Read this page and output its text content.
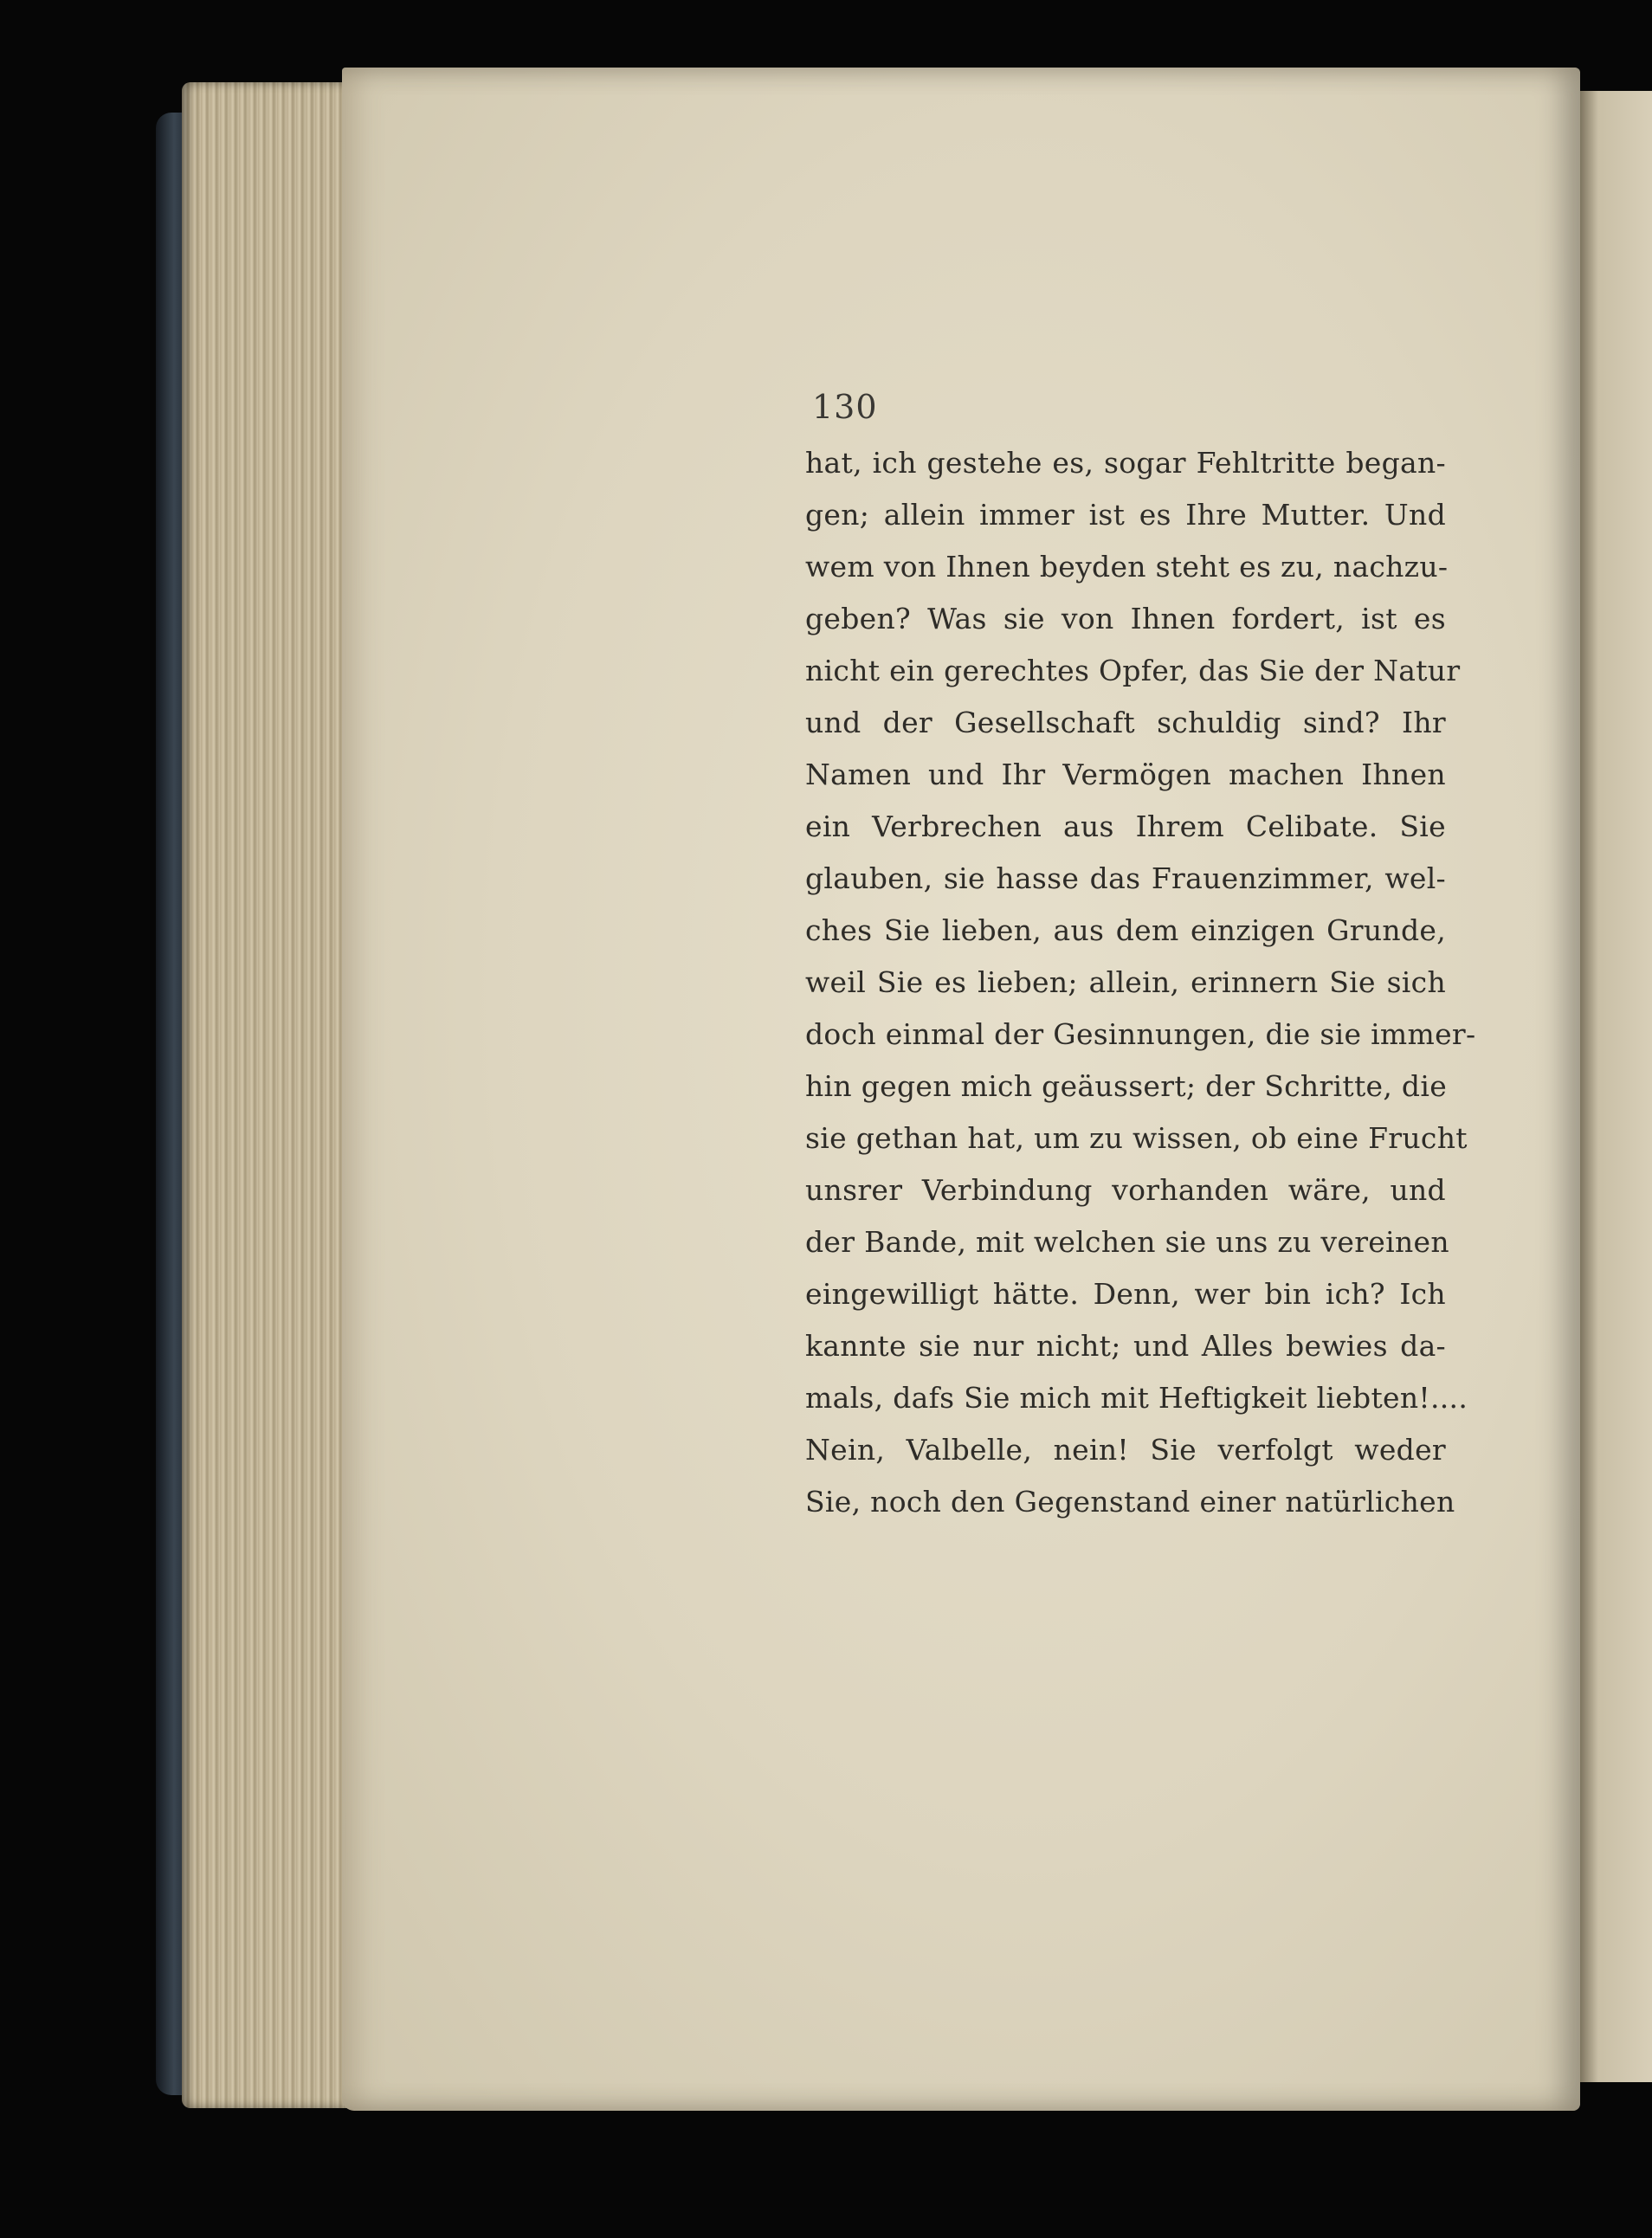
130
hat, ich gestehe es, sogar Fehltritte began-
gen; allein immer ist es Ihre Mutter. Und
wem von Ihnen beyden steht es zu, nachzu-
geben? Was sie von Ihnen fordert, ist es
nicht ein gerechtes Opfer, das Sie der Natur
und der Gesellschaft schuldig sind? Ihr
Namen und Ihr Vermögen machen Ihnen
ein Verbrechen aus Ihrem Celibate. Sie
glauben, sie hasse das Frauenzimmer, wel-
ches Sie lieben, aus dem einzigen Grunde,
weil Sie es lieben; allein, erinnern Sie sich
doch einmal der Gesinnungen, die sie immer-
hin gegen mich geäussert; der Schritte, die
sie gethan hat, um zu wissen, ob eine Frucht
unsrer Verbindung vorhanden wäre, und
der Bande, mit welchen sie uns zu vereinen
eingewilligt hätte. Denn, wer bin ich? Ich
kannte sie nur nicht; und Alles bewies da-
mals, dafs Sie mich mit Heftigkeit liebten!....
Nein, Valbelle, nein! Sie verfolgt weder
Sie, noch den Gegenstand einer natürlichen
